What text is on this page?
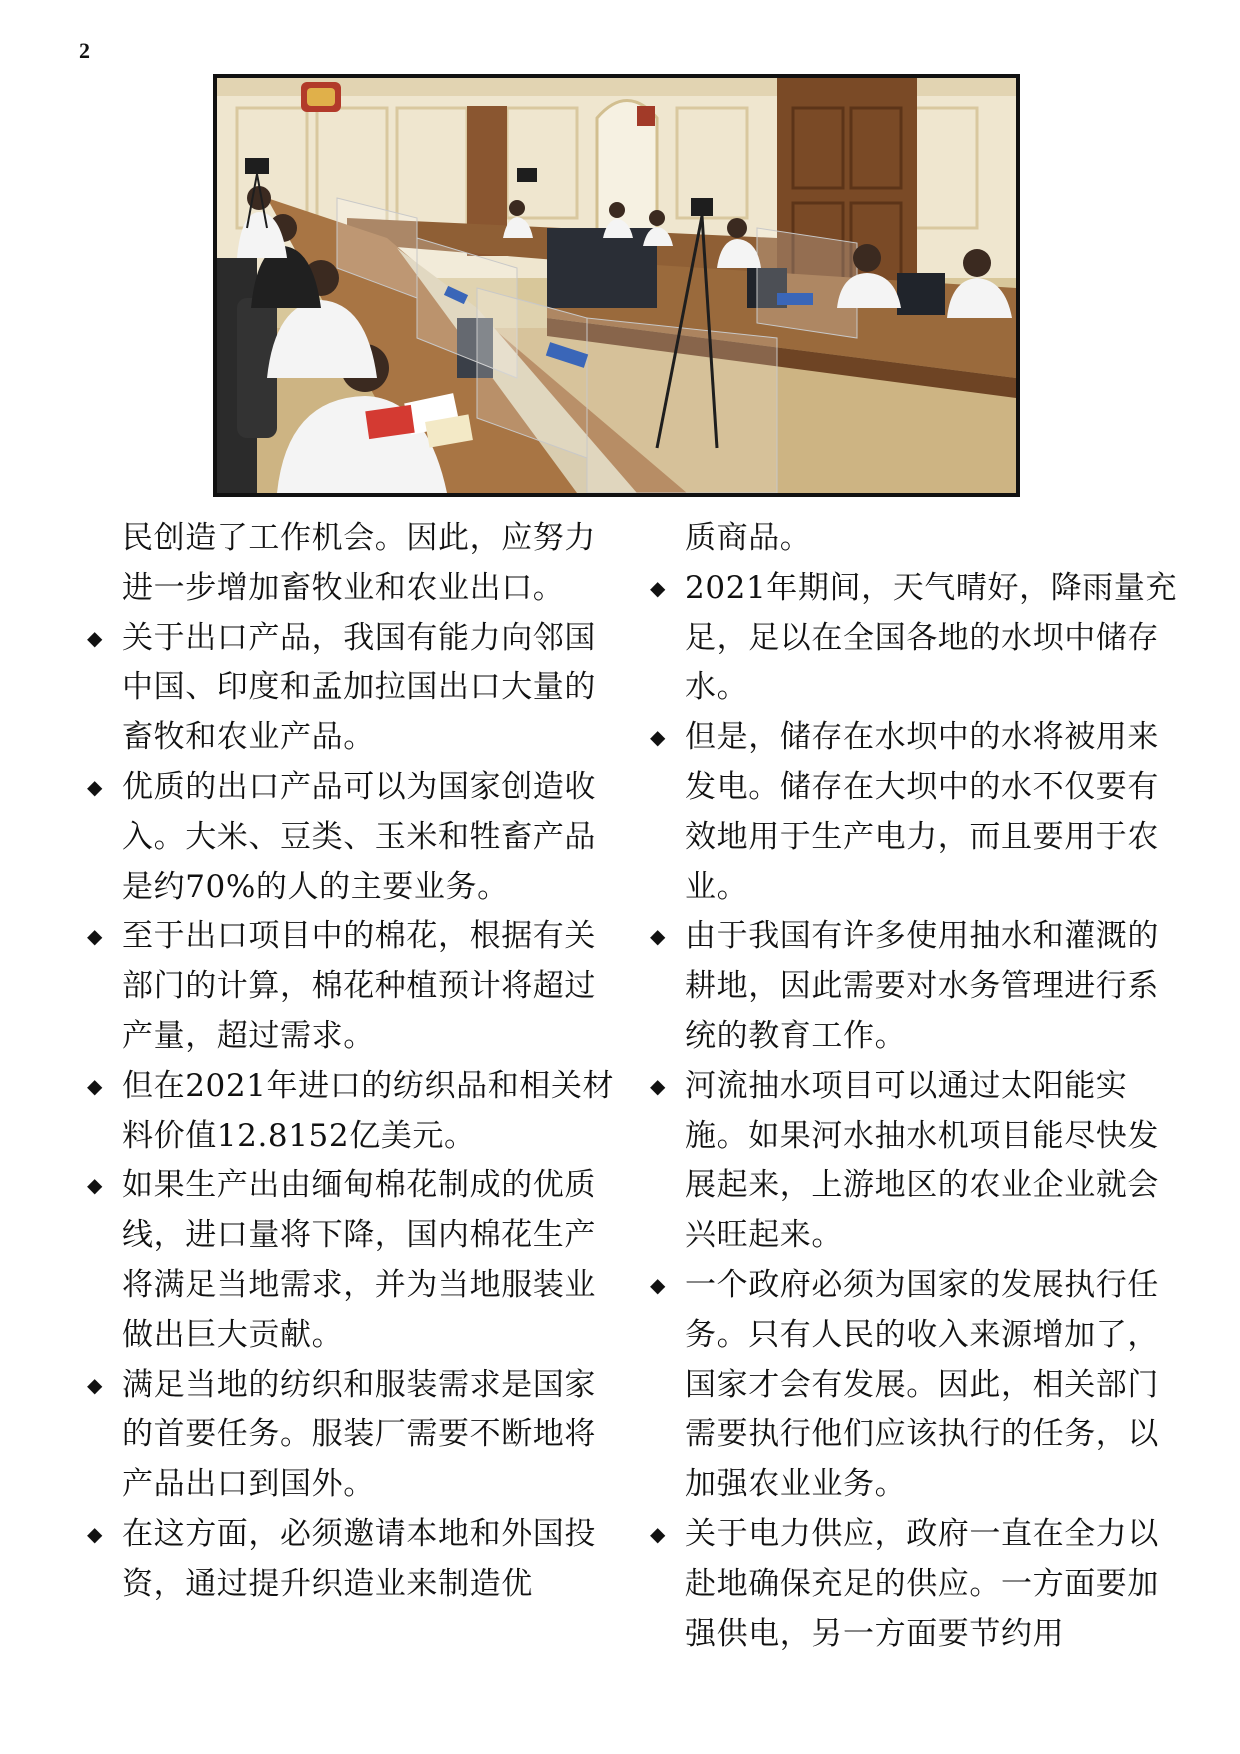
2

民创造了工作机会。因此，应努力进一步增加畜牧业和农业出口。

◆ 关于出口产品，我国有能力向邻国中国、印度和孟加拉国出口大量的畜牧和农业产品。
◆ 优质的出口产品可以为国家创造收入。大米、豆类、玉米和牲畜产品是约70%的人的主要业务。
◆ 至于出口项目中的棉花，根据有关部门的计算，棉花种植预计将超过产量，超过需求。
◆ 但在2021年进口的纺织品和相关材料价值12.8152亿美元。
◆ 如果生产出由缅甸棉花制成的优质线，进口量将下降，国内棉花生产将满足当地需求，并为当地服装业做出巨大贡献。
◆ 满足当地的纺织和服装需求是国家的首要任务。服装厂需要不断地将产品出口到国外。
◆ 在这方面，必须邀请本地和外国投资，通过提升织造业来制造优

质商品。

◆ 2021年期间，天气晴好，降雨量充足，足以在全国各地的水坝中储存水。
◆ 但是，储存在水坝中的水将被用来发电。储存在大坝中的水不仅要有效地用于生产电力，而且要用于农业。
◆ 由于我国有许多使用抽水和灌溉的耕地，因此需要对水务管理进行系统的教育工作。
◆ 河流抽水项目可以通过太阳能实施。如果河水抽水机项目能尽快发展起来，上游地区的农业企业就会兴旺起来。
◆ 一个政府必须为国家的发展执行任务。只有人民的收入来源增加了，国家才会有发展。因此，相关部门需要执行他们应该执行的任务，以加强农业业务。
◆ 关于电力供应，政府一直在全力以赴地确保充足的供应。一方面要加强供电，另一方面要节约用
